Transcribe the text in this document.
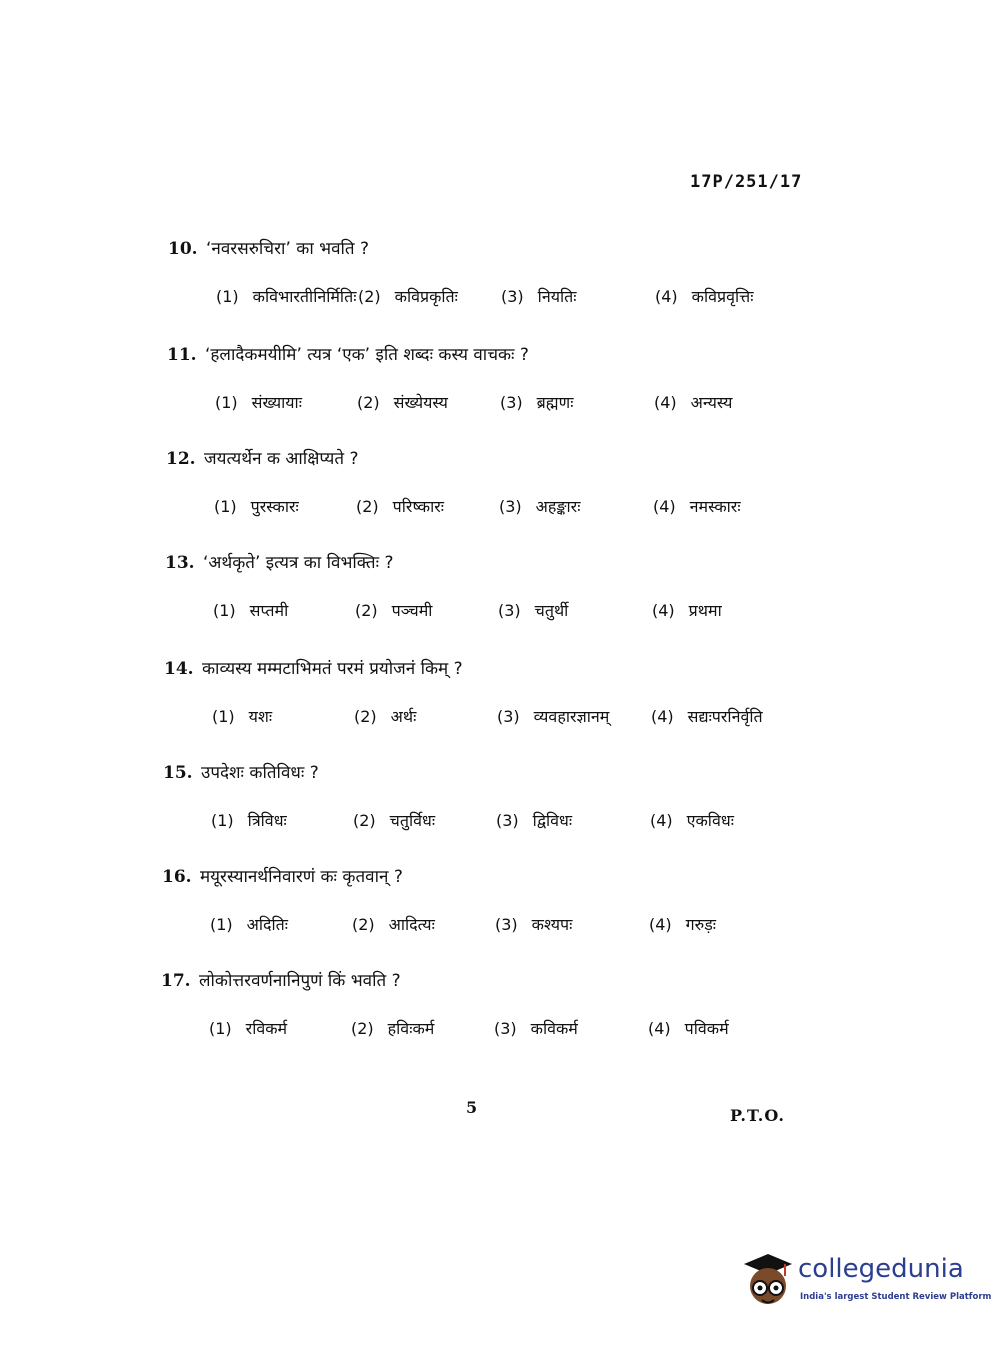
17P/251/17
10. ‘नवरसरुचिरा’ का भवति ?
(1) कविभारतीनिर्मितिः (2) कविप्रकृतिः	(3) नियतिः	(4) कविप्रवृत्तिः
11. ‘हलादैकमयीमि’ त्यत्र ‘एक’ इति शब्दः कस्य वाचकः ?
(1) संख्यायाः	(2) संख्येयस्य	(3) ब्रह्मणः	(4) अन्यस्य
12. जयत्यर्थेन क आक्षिप्यते ?
(1) पुरस्कारः	(2) परिष्कारः	(3) अहङ्कारः	(4) नमस्कारः
13. ‘अर्थकृते’ इत्यत्र का विभक्तिः ?
(1) सप्तमी	(2) पञ्चमी	(3) चतुर्थी	(4) प्रथमा
14. काव्यस्य मम्मटाभिमतं परमं प्रयोजनं किम् ?
(1) यशः	(2) अर्थः	(3) व्यवहारज्ञानम्	(4) सद्यःपरनिर्वृति
15. उपदेशः कतिविधः ?
(1) त्रिविधः	(2) चतुर्विधः	(3) द्विविधः	(4) एकविधः
16. मयूरस्यानर्थनिवारणं कः कृतवान् ?
(1) अदितिः	(2) आदित्यः	(3) कश्यपः	(4) गरुड़ः
17. लोकोत्तरवर्णनानिपुणं किं भवति ?
(1) रविकर्म	(2) हविःकर्म	(3) कविकर्म	(4) पविकर्म
5	P.T.O.
collegedunia
India's largest Student Review Platform
